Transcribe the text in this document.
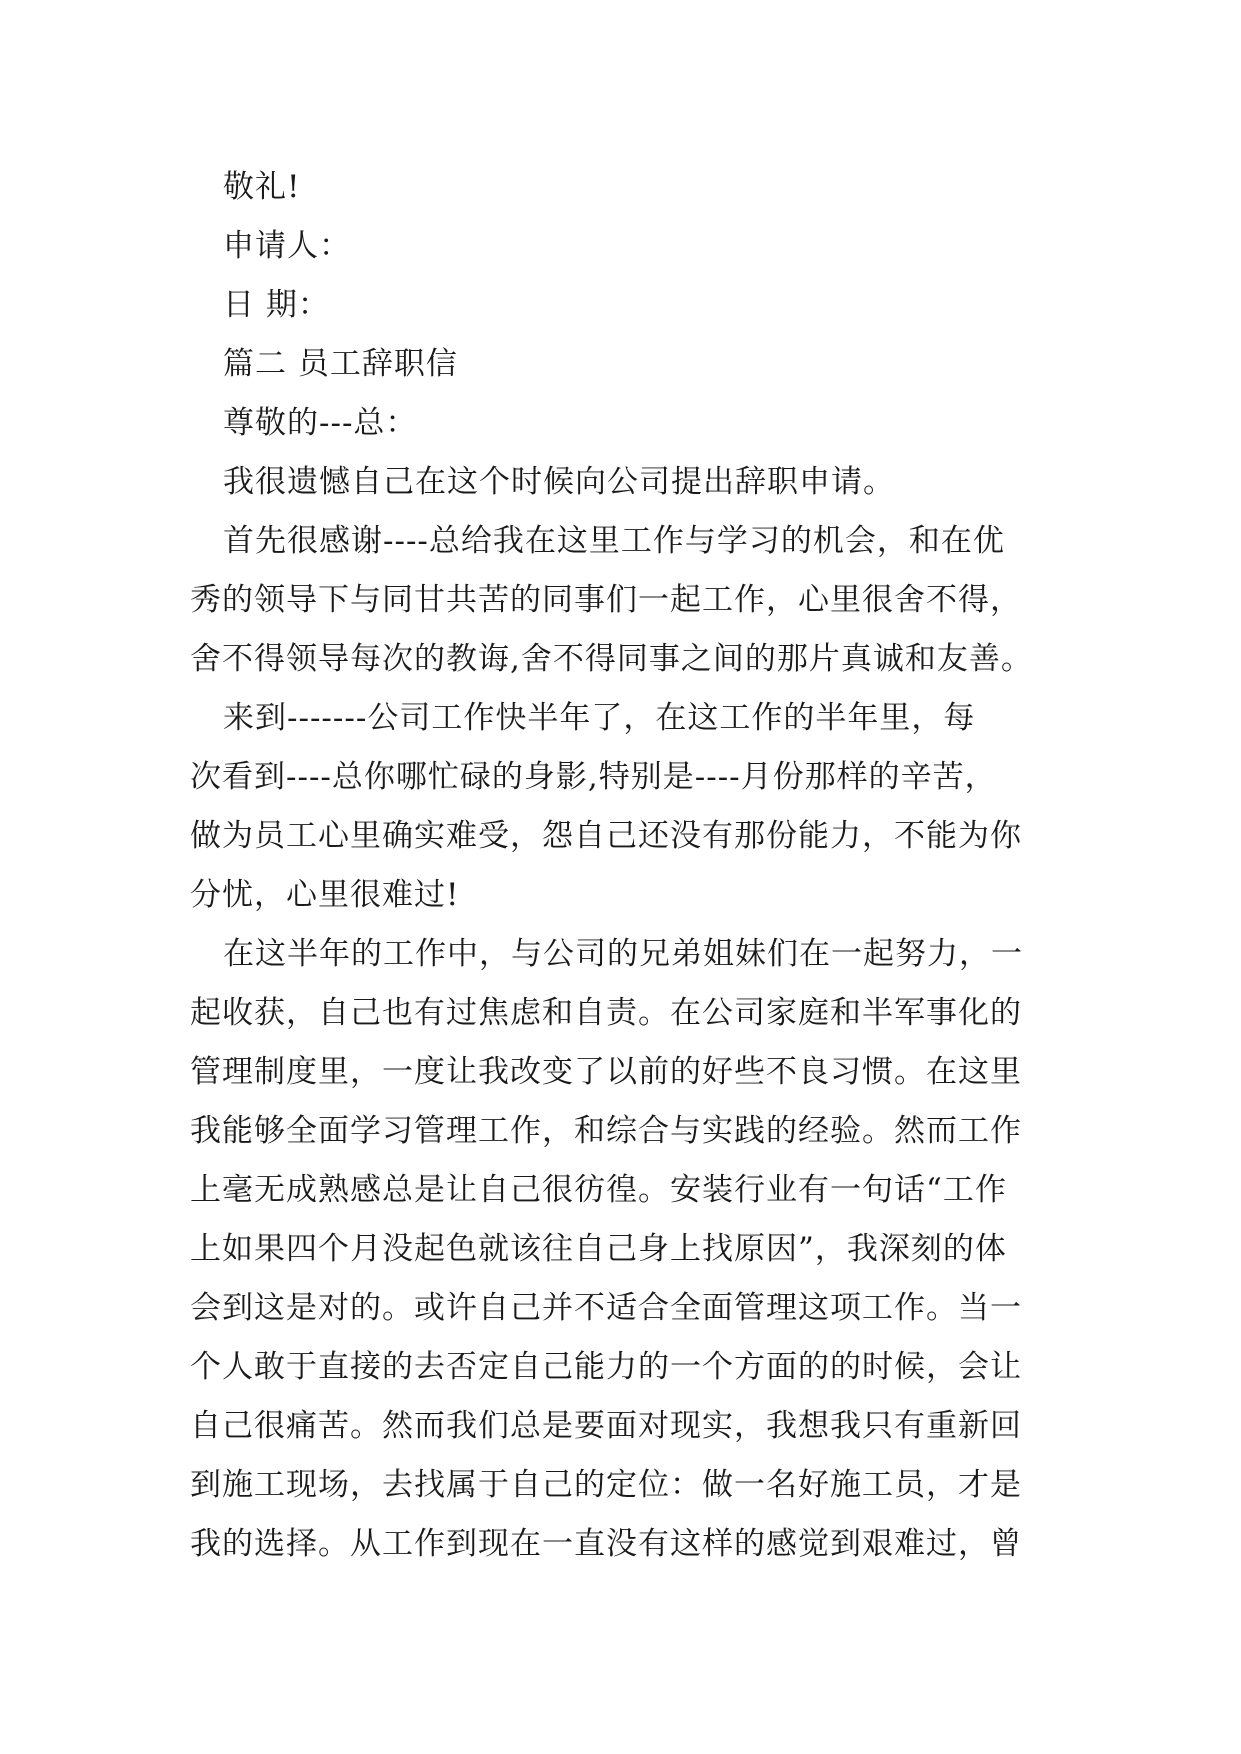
敬礼!
申请人：
日 期：
篇二 员工辞职信
尊敬的---总：
我很遗憾自己在这个时候向公司提出辞职申请。
首先很感谢----总给我在这里工作与学习的机会，和在优
秀的领导下与同甘共苦的同事们一起工作，心里很舍不得，
舍不得领导每次的教诲,舍不得同事之间的那片真诚和友善。
来到-------公司工作快半年了，在这工作的半年里，每
次看到----总你哪忙碌的身影,特别是----月份那样的辛苦，
做为员工心里确实难受，怨自己还没有那份能力，不能为你
分忧，心里很难过!
在这半年的工作中，与公司的兄弟姐妹们在一起努力，一
起收获，自己也有过焦虑和自责。在公司家庭和半军事化的
管理制度里，一度让我改变了以前的好些不良习惯。在这里
我能够全面学习管理工作，和综合与实践的经验。然而工作
上毫无成熟感总是让自己很彷徨。安装行业有一句话“工作
上如果四个月没起色就该往自己身上找原因”，我深刻的体
会到这是对的。或许自己并不适合全面管理这项工作。当一
个人敢于直接的去否定自己能力的一个方面的的时候，会让
自己很痛苦。然而我们总是要面对现实，我想我只有重新回
到施工现场，去找属于自己的定位：做一名好施工员，才是
我的选择。从工作到现在一直没有这样的感觉到艰难过，曾
